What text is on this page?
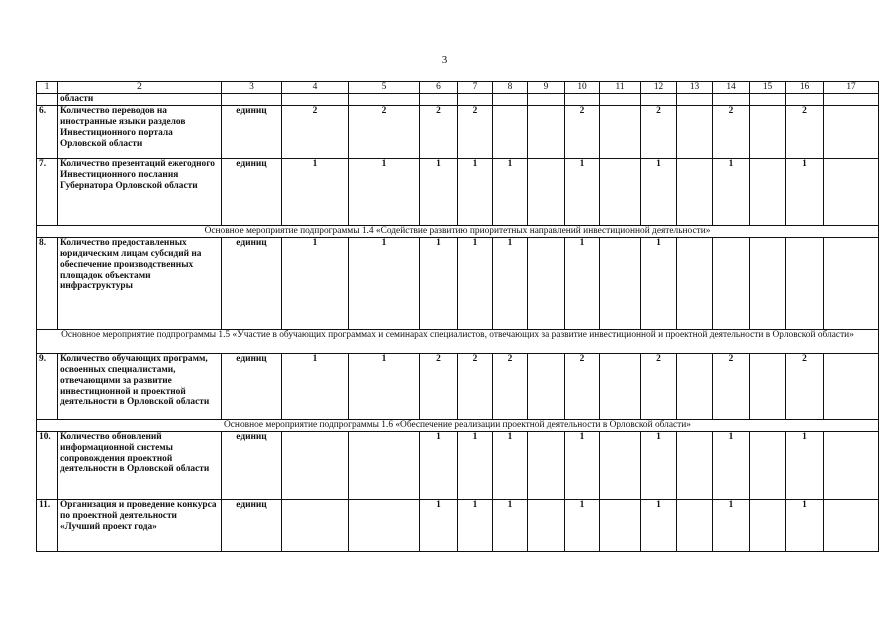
3
1	2	3	4	5	6	7	8	9	10	11	12	13	14	15	16	17
	области															
6.	Количество переводов на иностранные языки разделов Инвестиционного портала Орловской области	единиц	2	2	2	2			2		2		2		2	
7.	Количество презентаций ежегодного Инвестиционного послания Губернатора Орловской области	единиц	1	1	1	1	1		1		1		1		1	
Основное мероприятие подпрограммы 1.4 «Содействие развитию приоритетных направлений инвестиционной деятельности»																
8.	Количество предоставленных юридическим лицам субсидий на обеспечение производственных площадок объектами инфраструктуры	единиц	1	1	1	1	1		1		1					
Основное мероприятие подпрограммы 1.5 «Участие в обучающих программах и семинарах специалистов, отвечающих за развитие инвестиционной и проектной деятельности в Орловской области»																
9.	Количество обучающих программ, освоенных специалистами, отвечающими за развитие инвестиционной и проектной деятельности в Орловской области	единиц	1	1	2	2	2		2		2		2		2	
Основное мероприятие подпрограммы 1.6 «Обеспечение реализации проектной деятельности в Орловской области»																
10.	Количество обновлений информационной системы сопровождения проектной деятельности в Орловской области	единиц			1	1	1		1		1		1		1	
11.	Организация и проведение конкурса по проектной деятельности «Лучший проект года»	единиц			1	1	1		1		1		1		1	
